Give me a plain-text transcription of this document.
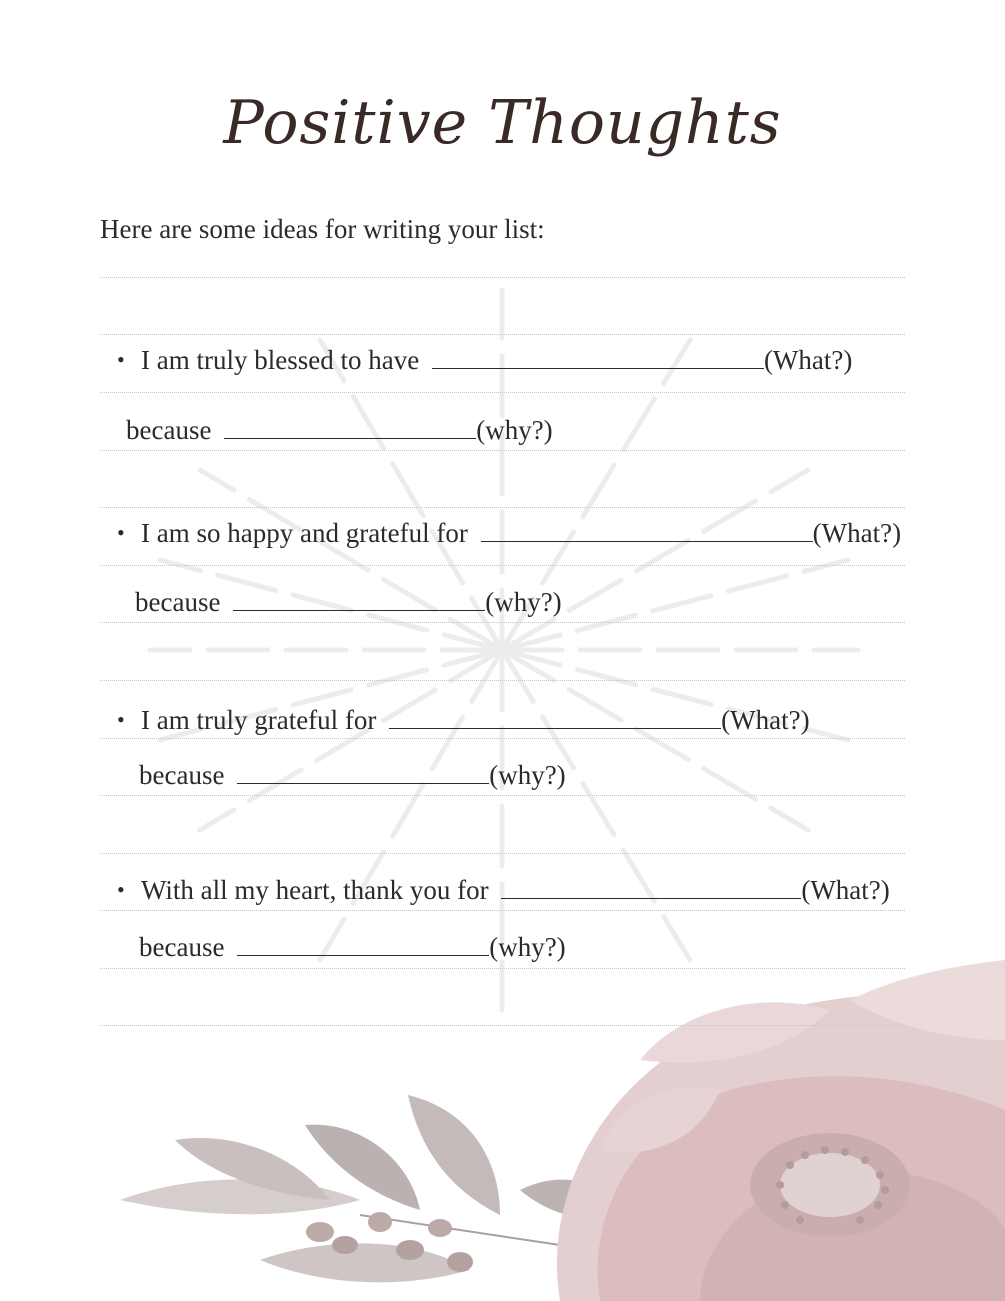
Positive Thoughts
Here are some ideas for writing your list:
• I am truly blessed to have	(What?)
because	(why?)
• I am so happy and grateful for	(What?)
because	(why?)
• I am truly grateful for	(What?)
because	(why?)
• With all my heart, thank you for	(What?)
because	(why?)
